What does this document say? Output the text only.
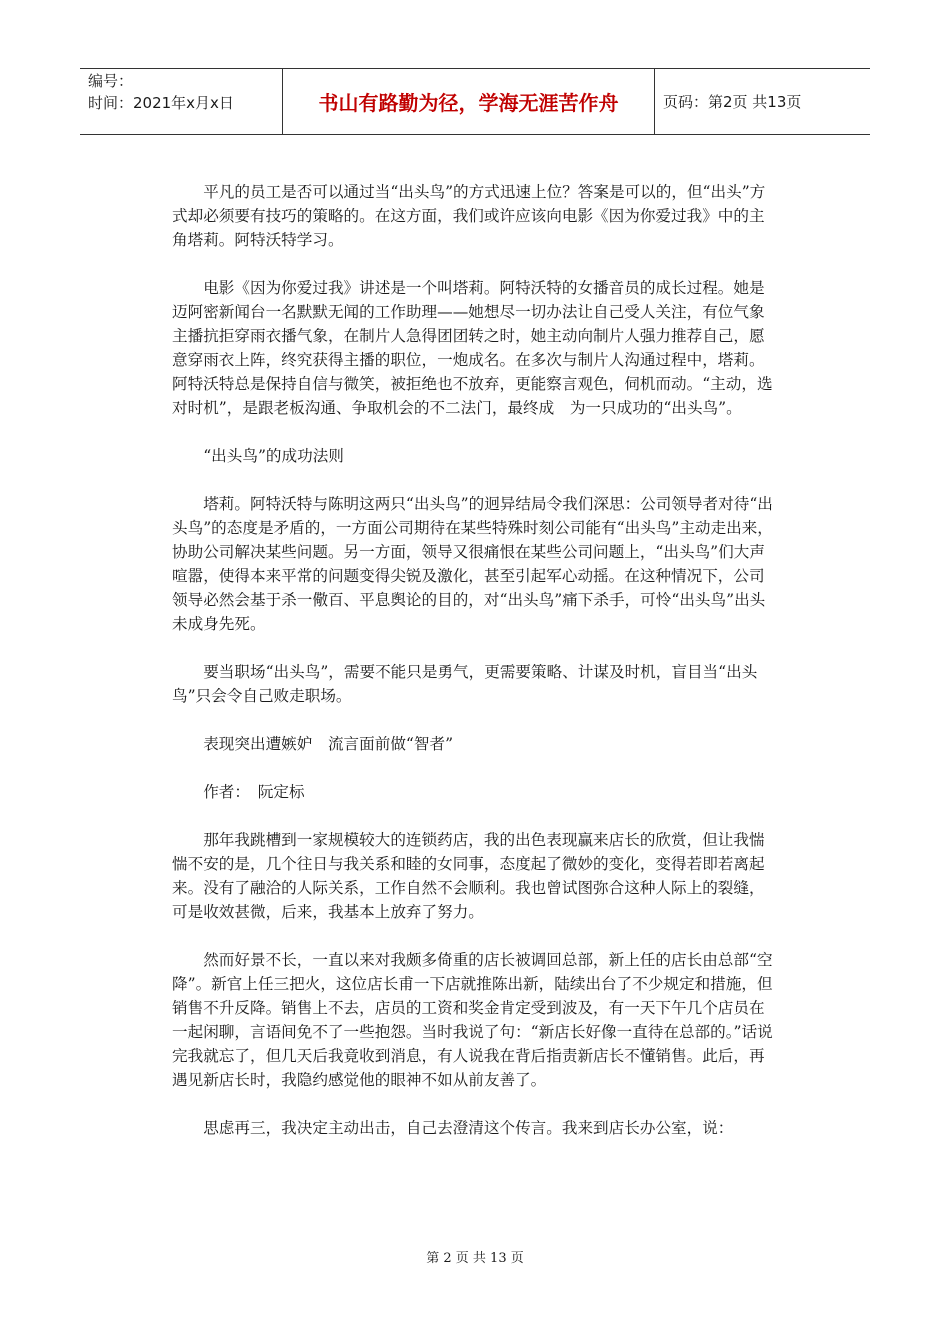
编号：
时间：2021年x月x日	书山有路勤为径，学海无涯苦作舟	页码：第2页 共13页

平凡的员工是否可以通过当“出头鸟”的方式迅速上位？答案是可以的，但“出头”方式却必须要有技巧的策略的。在这方面，我们或许应该向电影《因为你爱过我》中的主角塔莉。阿特沃特学习。

电影《因为你爱过我》讲述是一个叫塔莉。阿特沃特的女播音员的成长过程。她是迈阿密新闻台一名默默无闻的工作助理——她想尽一切办法让自己受人关注，有位气象主播抗拒穿雨衣播气象，在制片人急得团团转之时，她主动向制片人强力推荐自己，愿意穿雨衣上阵，终究获得主播的职位，一炮成名。在多次与制片人沟通过程中，塔莉。阿特沃特总是保持自信与微笑，被拒绝也不放弃，更能察言观色，伺机而动。“主动，选对时机”，是跟老板沟通、争取机会的不二法门，最终成　为一只成功的“出头鸟”。

“出头鸟”的成功法则

塔莉。阿特沃特与陈明这两只“出头鸟”的迥异结局令我们深思：公司领导者对待“出头鸟”的态度是矛盾的，一方面公司期待在某些特殊时刻公司能有“出头鸟”主动走出来，协助公司解决某些问题。另一方面，领导又很痛恨在某些公司问题上，“出头鸟”们大声喧嚣，使得本来平常的问题变得尖锐及激化，甚至引起军心动摇。在这种情况下，公司领导必然会基于杀一儆百、平息舆论的目的，对“出头鸟”痛下杀手，可怜“出头鸟”出头未成身先死。

要当职场“出头鸟”，需要不能只是勇气，更需要策略、计谋及时机，盲目当“出头鸟”只会令自己败走职场。

表现突出遭嫉妒　流言面前做“智者”

作者：　阮定标

那年我跳槽到一家规模较大的连锁药店，我的出色表现赢来店长的欣赏，但让我惴惴不安的是，几个往日与我关系和睦的女同事，态度起了微妙的变化，变得若即若离起来。没有了融洽的人际关系，工作自然不会顺利。我也曾试图弥合这种人际上的裂缝，可是收效甚微，后来，我基本上放弃了努力。

然而好景不长，一直以来对我颇多倚重的店长被调回总部，新上任的店长由总部“空降”。新官上任三把火，这位店长甫一下店就推陈出新，陆续出台了不少规定和措施，但销售不升反降。销售上不去，店员的工资和奖金肯定受到波及，有一天下午几个店员在一起闲聊，言语间免不了一些抱怨。当时我说了句：“新店长好像一直待在总部的。”话说完我就忘了，但几天后我竟收到消息，有人说我在背后指责新店长不懂销售。此后，再遇见新店长时，我隐约感觉他的眼神不如从前友善了。

思虑再三，我决定主动出击，自己去澄清这个传言。我来到店长办公室，说：

第 2 页 共 13 页
